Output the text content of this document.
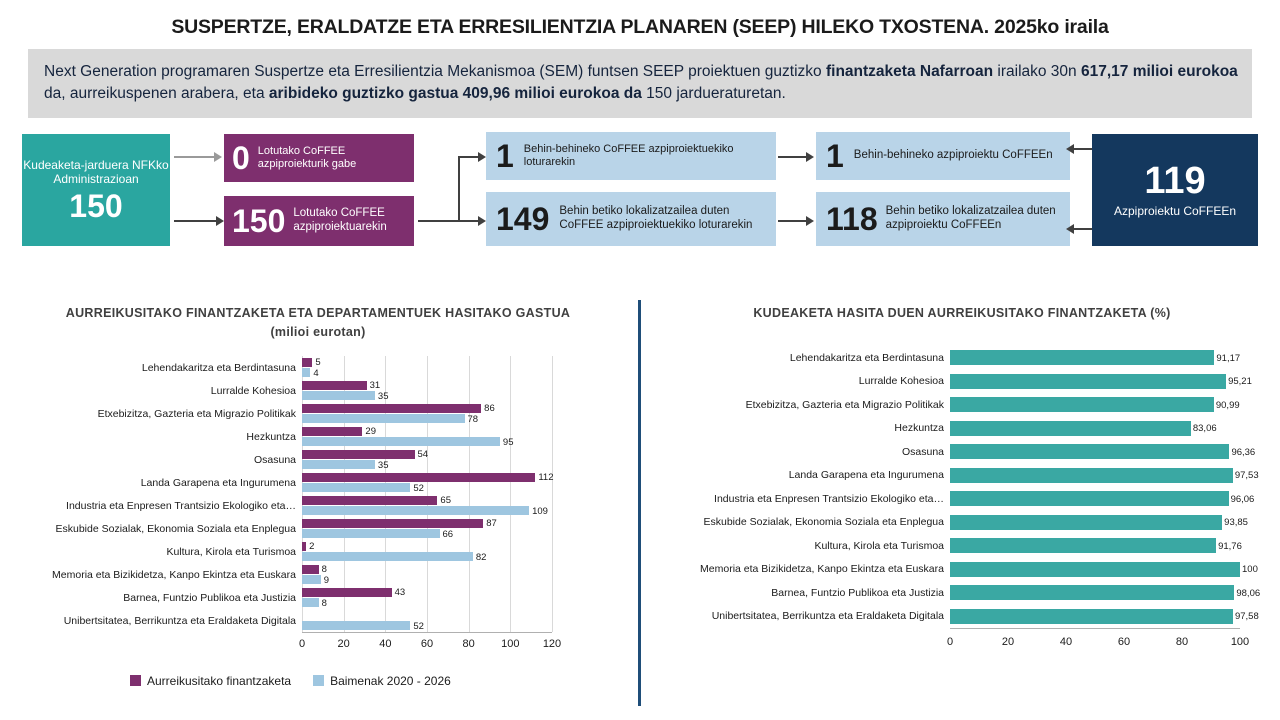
SUSPERTZE, ERALDATZE ETA ERRESILIENTZIA PLANAREN (SEEP) HILEKO TXOSTENA. 2025ko iraila
Next Generation programaren Suspertze eta Erresilientzia Mekanismoa (SEM) funtsen SEEP proiektuen guztizko finantzaketa Nafarroan irailako 30n 617,17 milioi eurokoa da, aurreikuspenen arabera, eta aribideko guztizko gastua 409,96 milioi eurokoa da 150 jardueraturetan.
Kudeaketa-jarduera NFKko Administrazioan
150
0 Lotutako CoFFEE azpiproiekturik gabe
150 Lotutako CoFFEE azpiproiektuarekin
1 Behin-behineko CoFFEE azpiproiektuekiko loturarekin
149 Behin betiko lokalizatzailea duten CoFFEE azpiproiektuekiko loturarekin
1 Behin-behineko azpiproiektu CoFFEEn
118 Behin betiko lokalizatzailea duten azpiproiektu CoFFEEn
119
Azpiproiektu CoFFEEn
AURREIKUSITAKO FINANTZAKETA ETA DEPARTAMENTUEK HASITAKO GASTUA (milioi eurotan)
Lehendakaritza eta Berdintasuna 5
4
Lurralde Kohesioa	31
35
Etxebizitza, Gazteria eta Migrazio Politikak	86
78
Hezkuntza	29
95
Osasuna	54
35
Landa Garapena eta Ingurumena	112
52
Industria eta Enpresen Trantsizio Ekologiko eta…	65
109
Eskubide Sozialak, Ekonomia Soziala eta Enplegua	87
66
Kultura, Kirola eta Turismoa 2
82
Memoria eta Bizikidetza, Kanpo Ekintza eta Euskara	8
9
Barnea, Funtzio Publikoa eta Justizia	43
8
Unibertsitatea, Berrikuntza eta Eraldaketa Digitala	52
0	20	40	60	80	100	120
Aurreikusitako finantzaketa	Baimenak 2020 - 2026
KUDEAKETA HASITA DUEN AURREIKUSITAKO FINANTZAKETA (%)
Lehendakaritza eta Berdintasuna	91,17
Lurralde Kohesioa	95,21
Etxebizitza, Gazteria eta Migrazio Politikak	90,99
Hezkuntza	83,06
Osasuna	96,36
Landa Garapena eta Ingurumena	97,53
Industria eta Enpresen Trantsizio Ekologiko eta…	96,06
Eskubide Sozialak, Ekonomia Soziala eta Enplegua	93,85
Kultura, Kirola eta Turismoa	91,76
Memoria eta Bizikidetza, Kanpo Ekintza eta Euskara	100
Barnea, Funtzio Publikoa eta Justizia	98,06
Unibertsitatea, Berrikuntza eta Eraldaketa Digitala	97,58
0	20	40	60	80	100
